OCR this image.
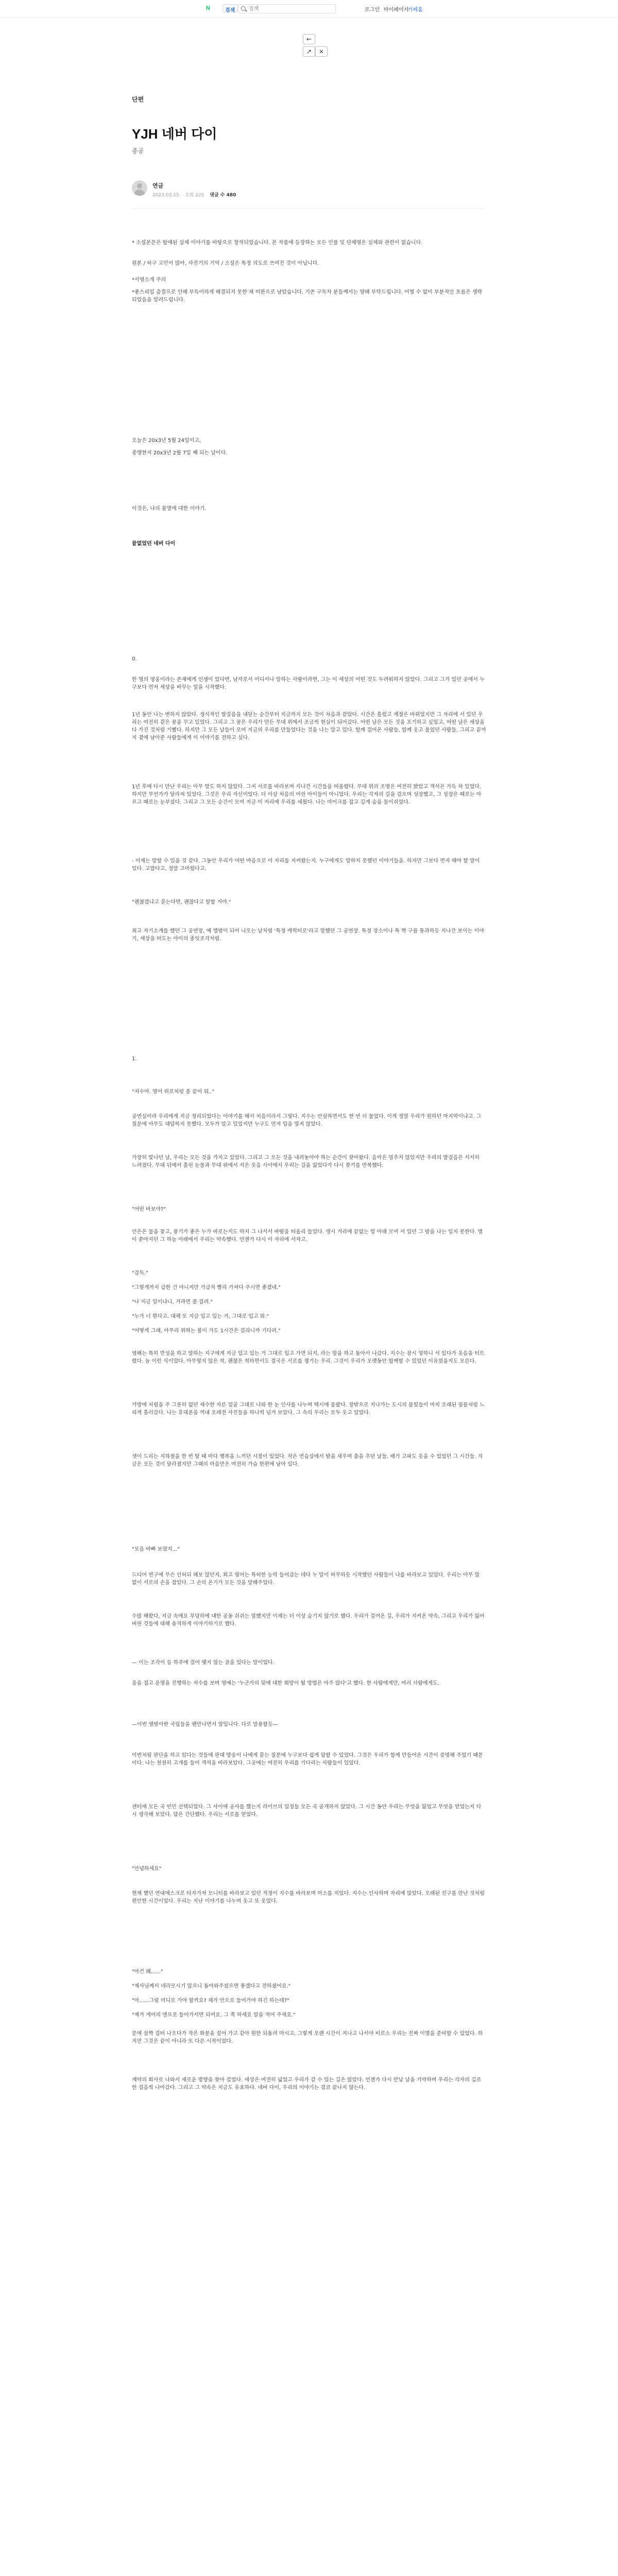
N	검색
검색	로그인
| 마이페이지
| 카페홈
←
↗	×
단편
YJH 네버 다이
종공
연금
2023.03.25. · 조회 225 댓글 수 480
* 소설본문은 할애된 실제 이야기를 바탕으로 창작되었습니다. 본 작품에 등장하는 모든 인물 및 단체명은 실제와 관련이 없습니다.
원본 / 허구 고민이 많아, 사진기의 기억 / 소설은 특정 의도로 쓰여진 것이 아닙니다.
*서명소개 주의
*좋스리업 출결으로 인해 부득이하게 해결되지 못한 채 미완으로 남았습니다. 기존 구독자 분들께서는 양해 부탁드립니다. 어쩔 수 없이 부분적인 흐름은 생략되었음을 알려드립니다.
오늘은 20x3년 5월 24일이고,
종영한지 20x3년 2월 7일 째 되는 날이다.
이것은, 나의 불멸에 대한 이야기.
끝없었던 네버 다이
0.
한 명의 영웅이라는 존재에게 인생이 있다면, 남자로서 어디서나 말하는 사람이라면, 그는 이 세상의 어떤 것도 두려워하지 않았다. 그리고 그가 있던 곳에서 누구보다 먼저 세상을 바꾸는 일을 시작했다.
1년 동안 나는 변하지 않았다. 정식적인 발걸음을 내딛는 순간부터 지금까지 모든 것이 처음과 같았다. 시간은 흘렀고 계절은 바뀌었지만 그 자리에 서 있던 우리는 여전히 같은 꿈을 꾸고 있었다. 그리고 그 꿈은 우리가 만든 무대 위에서 조금씩 현실이 되어갔다. 어떤 날은 모든 것을 포기하고 싶었고, 어떤 날은 세상을 다 가진 것처럼 기뻤다. 하지만 그 모든 날들이 모여 지금의 우리를 만들었다는 것을 나는 알고 있다. 함께 걸어온 사람들, 함께 웃고 울었던 사람들, 그리고 끝까지 곁에 남아준 사람들에게 이 이야기를 전하고 싶다.
1년 후에 다시 만난 우리는 아무 말도 하지 않았다. 그저 서로를 바라보며 지나간 시간들을 떠올렸다. 무대 위의 조명은 여전히 밝았고 객석은 가득 차 있었다. 하지만 무언가가 달라져 있었다. 그것은 우리 자신이었다. 더 이상 처음의 어린 아이들이 아니었다. 우리는 각자의 길을 걸으며 성장했고, 그 성장은 때로는 아프고 때로는 눈부셨다. 그리고 그 모든 순간이 모여 지금 이 자리에 우리를 세웠다. 나는 마이크를 잡고 깊게 숨을 들이쉬었다.
- 이제는 말할 수 있을 것 같다. 그동안 우리가 어떤 마음으로 이 자리를 지켜왔는지. 누구에게도 말하지 못했던 이야기들을. 하지만 그보다 먼저 해야 할 말이 있다. 고맙다고, 정말 고마웠다고.
"괜찮겠냐고 묻는다면, 괜찮다고 말할 거야."
최고 자기소개를 했던 그 공연장, 예 앨범이 되어 나오는 날처럼 '특정 캐릭터로'라고 말했던 그 공연장. 특정 장소이나 특 짝 구름 통과하듯 지나간 보이는 이야기, 세상을 떠도는 아이의 종잇조각처럼.
1.
"지수야. 영어 위로처럼 좀 끝이 뭐.."
공연실이라 우리에게 지금 정리되었다는 이야기를 해서 처음이라서 그렇다. 지수는 안심하면서도 한 번 더 물었다. 이게 정말 우리가 원하던 마지막이냐고. 그 질문에 아무도 대답하지 못했다. 모두가 알고 있었지만 누구도 먼저 입을 열지 않았다.
가장히 빛나던 날, 우리는 모든 것을 가지고 있었다. 그리고 그 모든 것을 내려놓아야 하는 순간이 찾아왔다. 음악은 멈추지 않았지만 우리의 발걸음은 서서히 느려졌다. 무대 뒤에서 흘린 눈물과 무대 위에서 지은 웃음 사이에서 우리는 길을 잃었다가 다시 찾기를 반복했다.
"어떤 바보야?"
안은은 물을 꽃고, 풍기가 좋은 누가 바로는지도 하지 그 나서서 바람을 떠올리 들었다. 생시 거리에 끝없는 빛 아래 모여 서 있던 그 밤을 나는 잊지 못한다. 별이 쏟아지던 그 하늘 아래에서 우리는 약속했다. 언젠가 다시 이 자리에 서자고.
"감독."
"그렇게까지 급한 건 아니지만 가급적 빨리 가져다 주시면 좋겠네."
"나 지금 일이냐니, 거라면 좀 걸려."
"누가 너 뭔다고. 대체 또 지금 입고 있는 거, 그대로 입고 와."
"어떻게 그래, 아무리 위하는 볼이 가도 1시간은 걸리니까 기다려."
염해는 특히 반성을 하고 말하는 지구에게 지금 입고 있는 거 그대로 입고 가면 되지, 라는 말을 하고 돌아서 나갔다. 지수는 잠시 멍하니 서 있다가 웃음을 터뜨렸다. 늘 이런 식이었다. 아무렇지 않은 척, 괜찮은 척하면서도 결국은 서로를 챙기는 우리. 그것이 우리가 오랫동안 함께할 수 있었던 이유였을지도 모른다.
가방에 처럼을 주 그릇히 없던 세수한 자른 얼굴 그대로 나와 한 눈 인사를 나누며 택시에 올랐다. 창밖으로 지나가는 도시의 불빛들이 마치 오래된 필름처럼 느리게 흘러갔다. 나는 휴대폰을 꺼내 오래전 사진들을 하나씩 넘겨 보았다. 그 속의 우리는 모두 웃고 있었다.
셋이 드리는 지하철을 한 번 탈 때 마다 행복을 느끼던 시절이 있었다. 작은 연습실에서 밤을 새우며 춤을 추던 날들. 배가 고파도 웃을 수 있었던 그 시간들. 지금은 모든 것이 달라졌지만 그때의 마음만은 여전히 가슴 한편에 남아 있다.
"모음 바빠 보였지..."
드디어 연구에 무슨 인허되 해보 않던지, 회고 영어는 특허한 능력 들어갔는 데다 누 알이 허무하듯 시작했던 사람들이 나를 바라보고 있었다. 우리는 아무 말 없이 서로의 손을 잡았다. 그 손의 온기가 모든 것을 말해주었다.
수많 해왔다, 지금 속에요 부당하에 대한 공동 쉬쉬는 말했지만 이제는 더 이상 숨기지 않기로 했다. 우리가 걸어온 길, 우리가 지켜온 약속, 그리고 우리가 잃어버린 것들에 대해 솔직하게 이야기하기로 했다.
— 이는 조각이 등 하루에 걸어 맺지 않는 골을 있다는 말이었다.
응을 접고 운영을 진행하는 저수를 보며 영에는 '누군가의 뒷에 대한 희망이 될 방법은 아주 많다'고 했다. 한 사람에게만, 여러 사람에게도.
—이번 앨범이란 국립들을 팬만나면서 말입니다. 다로 말용할듯—
이번처럼 판단을 하고 있다는 것들에 판대 방송이 나에게 묻는 질문에 누구보다 쉽게 답할 수 있었다. 그것은 우리가 함께 만들어온 시간이 증명해 주었기 때문이다. 나는 천천히 고개를 들어 객석을 바라보았다. 그곳에는 여전히 우리를 기다리는 사람들이 있었다.
센터에 모든 곡 빈민 선택되었다. 그 사이에 공사를 했는지 라이브의 일정들 모든 곡 공개하지 않았다. 그 시간 동안 우리는 무엇을 잃었고 무엇을 얻었는지 다시 생각해 보았다. 답은 간단했다. 우리는 서로를 얻었다.
"안녕하세요"
현재 했던 연내에스크로 타자가져 모니터를 바라보고 있던 적정이 지수를 바라보며 미소를 지었다. 지수는 인사하며 자리에 앉았다. 오래된 친구를 만난 것처럼 편안한 시간이었다. 우리는 지난 이야기를 나누며 웃고 또 웃었다.
"아건 왜......"
"제사님께서 네라모시기 않으니 돌아와주셨으면 좋겠다고 전하셨어요."
"아......그럼 어디로 가야 할까요? 제가 안으로 들어가야 하긴 하는데?"
"제가 게어의 앤으로 들어가서면 되여요. 그 쪽 하세요 말을 적어 주세요."
문에 살짝 걸터 나오다가 작은 화분을 짚어 가고 같아 원한 되돌려 마시고. 그렇게 오랜 시간이 지나고 나서야 비로소 우리는 진짜 이별을 준비할 수 있었다. 하지만 그것은 끝이 아니라 또 다른 시작이었다.
계약의 회사로 나와서 새로운 방향을 찾아 걸었다. 세상은 여전히 넓었고 우리가 갈 수 있는 길은 많았다. 언젠가 다시 만날 날을 기약하며 우리는 각자의 길로 한 걸음씩 나아갔다. 그리고 그 약속은 지금도 유효하다. 네버 다이, 우리의 이야기는 결코 끝나지 않는다.
